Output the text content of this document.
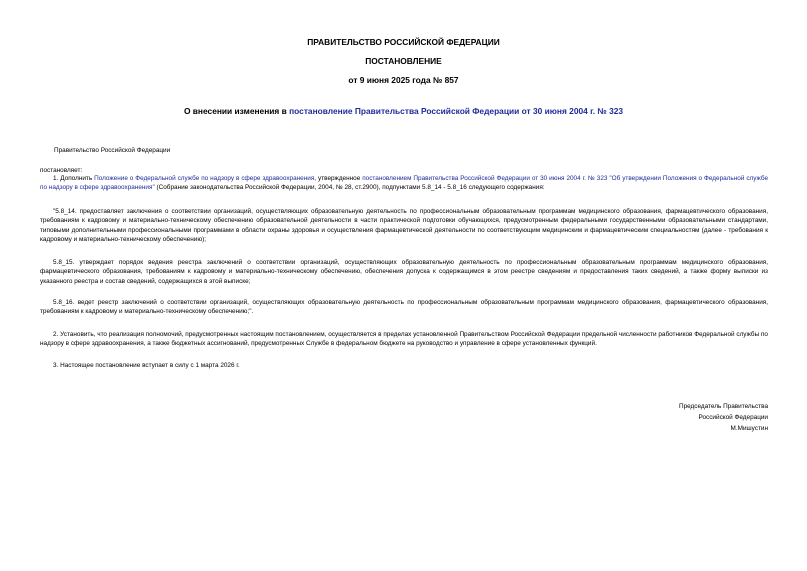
ПРАВИТЕЛЬСТВО РОССИЙСКОЙ ФЕДЕРАЦИИ
ПОСТАНОВЛЕНИЕ
от 9 июня 2025 года № 857
О внесении изменения в постановление Правительства Российской Федерации от 30 июня 2004 г. № 323
Правительство Российской Федерации
постановляет:
1. Дополнить Положение о Федеральной службе по надзору в сфере здравоохранения, утвержденное постановлением Правительства Российской Федерации от 30 июня 2004 г. № 323 "Об утверждении Положения о Федеральной службе по надзору в сфере здравоохранения" (Собрание законодательства Российской Федерации, 2004, № 28, ст.2900), подпунктами 5.8_14 - 5.8_16 следующего содержания:
"5.8_14. предоставляет заключения о соответствии организаций, осуществляющих образовательную деятельность по профессиональным образовательным программам медицинского образования, фармацевтического образования, требованиям к кадровому и материально-техническому обеспечению образовательной деятельности в части практической подготовки обучающихся, предусмотренным федеральными государственными образовательными стандартами, типовыми дополнительными профессиональными программами в области охраны здоровья и осуществления фармацевтической деятельности по соответствующим медицинским и фармацевтическим специальностям (далее - требования к кадровому и материально-техническому обеспечению);
5.8_15. утверждает порядок ведения реестра заключений о соответствии организаций, осуществляющих образовательную деятельность по профессиональным образовательным программам медицинского образования, фармацевтического образования, требованиям к кадровому и материально-техническому обеспечению, обеспечения допуска к содержащимся в этом реестре сведениям и предоставления таких сведений, а также форму выписки из указанного реестра и состав сведений, содержащихся в этой выписке;
5.8_16. ведет реестр заключений о соответствии организаций, осуществляющих образовательную деятельность по профессиональным образовательным программам медицинского образования, фармацевтического образования, требованиям к кадровому и материально-техническому обеспечению;".
2. Установить, что реализация полномочий, предусмотренных настоящим постановлением, осуществляется в пределах установленной Правительством Российской Федерации предельной численности работников Федеральной службы по надзору в сфере здравоохранения, а также бюджетных ассигнований, предусмотренных Службе в федеральном бюджете на руководство и управление в сфере установленных функций.
3. Настоящее постановление вступает в силу с 1 марта 2026 г.
Председатель Правительства
Российской Федерации
М.Мишустин
